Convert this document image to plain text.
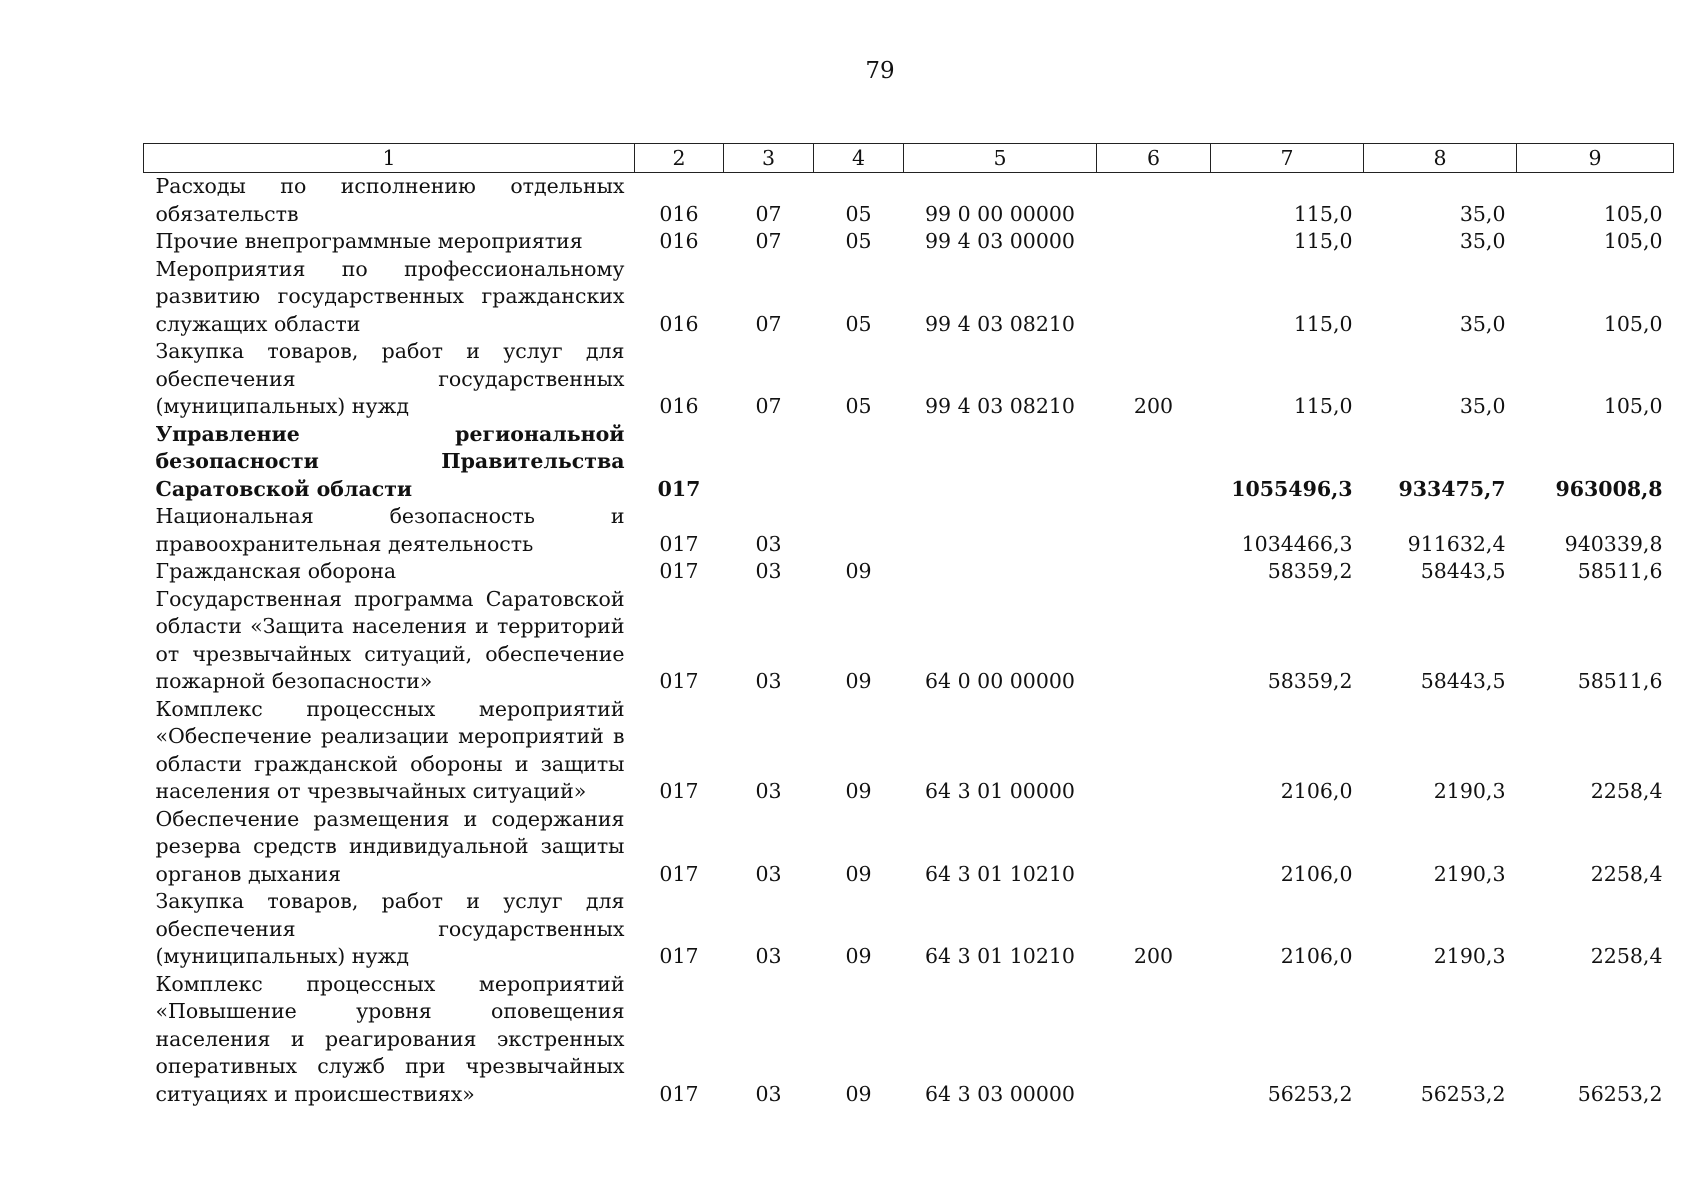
79
1	2	3	4	5	6	7	8	9
Расходы по исполнению отдельных обязательств	016	07	05	99 0 00 00000		115,0	35,0	105,0
Прочие внепрограммные мероприятия	016	07	05	99 4 03 00000		115,0	35,0	105,0
Мероприятия по профессиональному развитию государственных гражданских служащих области	016	07	05	99 4 03 08210		115,0	35,0	105,0
Закупка товаров, работ и услуг для обеспечения государственных (муниципальных) нужд	016	07	05	99 4 03 08210	200	115,0	35,0	105,0
Управление региональной безопасности Правительства Саратовской области	017					1055496,3	933475,7	963008,8
Национальная безопасность и правоохранительная деятельность	017	03				1034466,3	911632,4	940339,8
Гражданская оборона	017	03	09			58359,2	58443,5	58511,6
Государственная программа Саратовской области «Защита населения и территорий от чрезвычайных ситуаций, обеспечение пожарной безопасности»	017	03	09	64 0 00 00000		58359,2	58443,5	58511,6
Комплекс процессных мероприятий «Обеспечение реализации мероприятий в области гражданской обороны и защиты населения от чрезвычайных ситуаций»	017	03	09	64 3 01 00000		2106,0	2190,3	2258,4
Обеспечение размещения и содержания резерва средств индивидуальной защиты органов дыхания	017	03	09	64 3 01 10210		2106,0	2190,3	2258,4
Закупка товаров, работ и услуг для обеспечения государственных (муниципальных) нужд	017	03	09	64 3 01 10210	200	2106,0	2190,3	2258,4
Комплекс процессных мероприятий «Повышение уровня оповещения населения и реагирования экстренных оперативных служб при чрезвычайных ситуациях и происшествиях»	017	03	09	64 3 03 00000		56253,2	56253,2	56253,2
